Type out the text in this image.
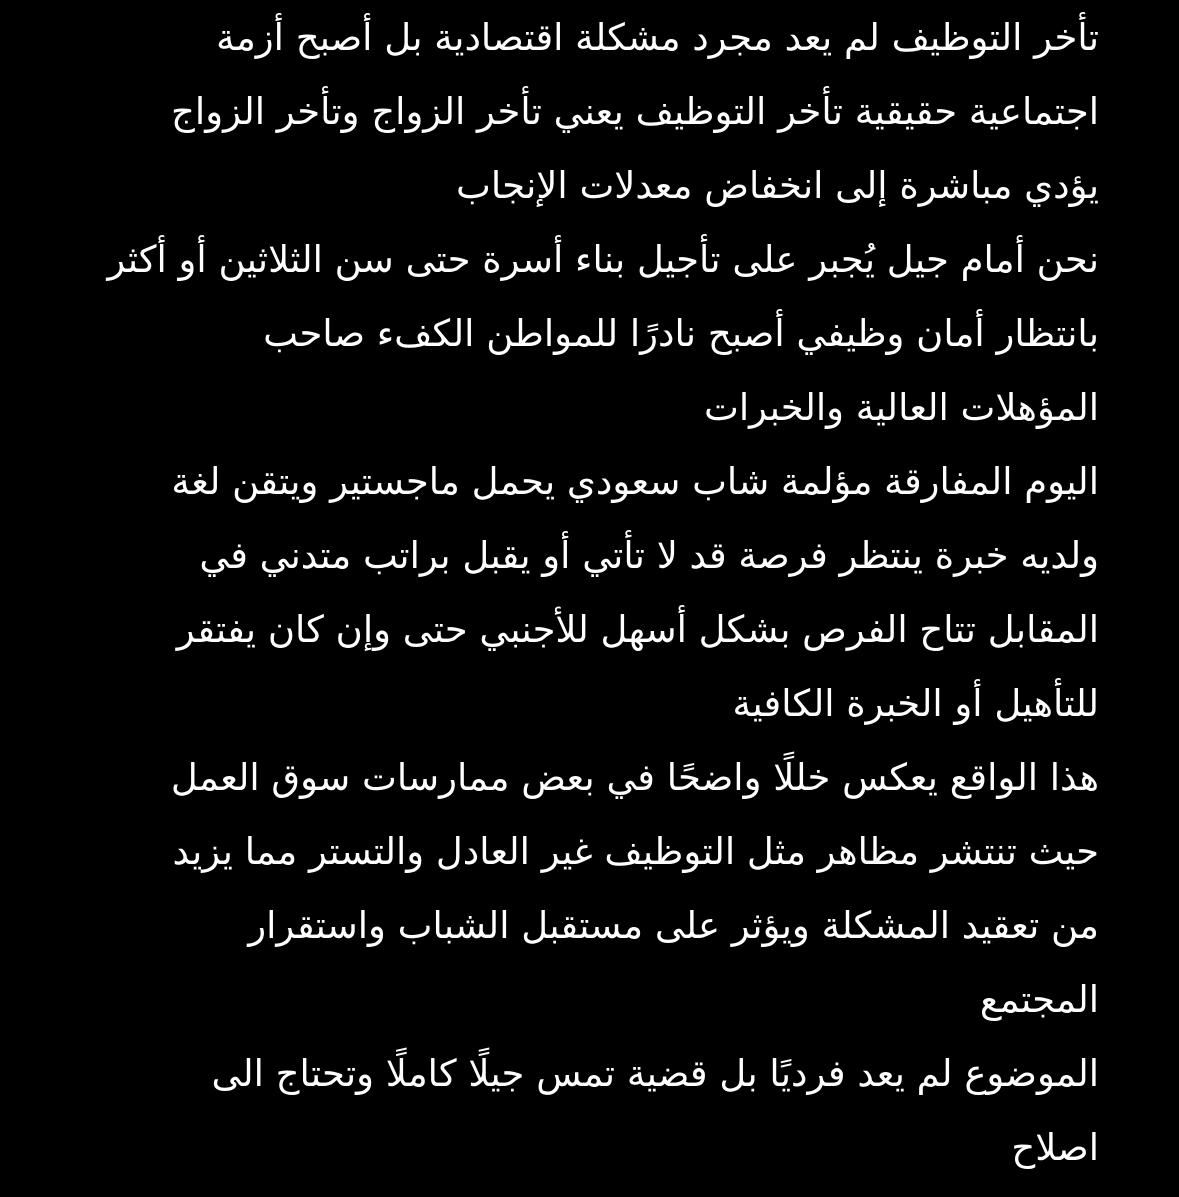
تأخر التوظيف لم يعد مجرد مشكلة اقتصادية بل أصبح أزمة
اجتماعية حقيقية تأخر التوظيف يعني تأخر الزواج وتأخر الزواج
يؤدي مباشرة إلى انخفاض معدلات الإنجاب
نحن أمام جيل يُجبر على تأجيل بناء أسرة حتى سن الثلاثين أو أكثر
بانتظار أمان وظيفي أصبح نادرًا للمواطن الكفء صاحب
المؤهلات العالية والخبرات
اليوم المفارقة مؤلمة شاب سعودي يحمل ماجستير ويتقن لغة
ولديه خبرة ينتظر فرصة قد لا تأتي أو يقبل براتب متدني في
المقابل تتاح الفرص بشكل أسهل للأجنبي حتى وإن كان يفتقر
للتأهيل أو الخبرة الكافية
هذا الواقع يعكس خللًا واضحًا في بعض ممارسات سوق العمل
حيث تنتشر مظاهر مثل التوظيف غير العادل والتستر مما يزيد
من تعقيد المشكلة ويؤثر على مستقبل الشباب واستقرار
المجتمع
الموضوع لم يعد فرديًا بل قضية تمس جيلًا كاملًا وتحتاج الى
اصلاح
